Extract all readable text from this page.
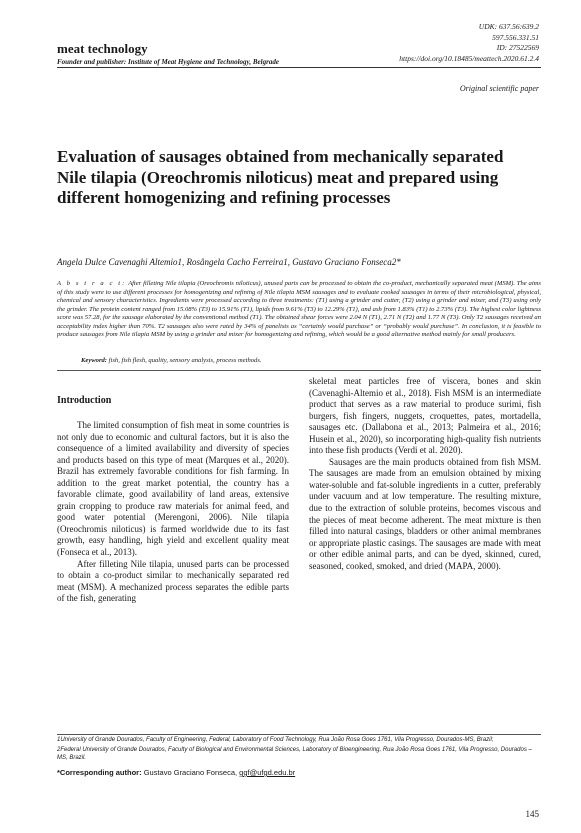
meat technology
Founder and publisher: Institute of Meat Hygiene and Technology, Belgrade
UDK: 637.56:639.2
597.556.331.51
ID: 27522569
https://doi.org/10.18485/meattech.2020.61.2.4
Original scientific paper
Evaluation of sausages obtained from mechanically separated Nile tilapia (Oreochromis niloticus) meat and prepared using different homogenizing and refining processes
Angela Dulce Cavenaghi Altemio1, Rosângela Cacho Ferreira1, Gustavo Graciano Fonseca2*
A b s t r a c t: After filleting Nile tilapia (Oreochromis niloticus), unused parts can be processed to obtain the co-product, mechanically separated meat (MSM). The aims of this study were to use different processes for homogenizing and refining of Nile tilapia MSM sausages and to evaluate cooked sausages in terms of their microbiological, physical, chemical and sensory characteristics. Ingredients were processed according to three treatments: (T1) using a grinder and cutter, (T2) using a grinder and mixer, and (T3) using only the grinder. The protein content ranged from 15.08% (T3) to 15.91% (T1), lipids from 9.61% (T3) to 12.29% (T1), and ash from 1.83% (T1) to 2.73% (T3). The highest color lightness score was 57.28, for the sausage elaborated by the conventional method (T1). The obtained shear forces were 2.04 N (T1), 2.71 N (T2) and 1.77 N (T3). Only T2 sausages received an acceptability index higher than 70%. T2 sausages also were rated by 34% of panelists as “certainly would purchase” or “probably would purchase”. In conclusion, it is feasible to produce sausages from Nile tilapia MSM by using a grinder and mixer for homogenizing and refining, which would be a good alternative method mainly for small producers.
Keyword: fish, fish flesh, quality, sensory analysis, process methods.
Introduction

The limited consumption of fish meat in some countries is not only due to economic and cultural factors, but it is also the consequence of a limited availability and diversity of species and products based on this type of meat (Marques et al., 2020). Brazil has extremely favorable conditions for fish farming. In addition to the great market potential, the country has a favorable climate, good availability of land areas, extensive grain cropping to produce raw materials for animal feed, and good water potential (Merengoni, 2006). Nile tilapia (Oreochromis niloticus) is farmed worldwide due to its fast growth, easy handling, high yield and excellent quality meat (Fonseca et al., 2013).

After filleting Nile tilapia, unused parts can be processed to obtain a co-product similar to mechanically separated red meat (MSM). A mechanized process separates the edible parts of the fish, generating

skeletal meat particles free of viscera, bones and skin (Cavenaghi-Altemio et al., 2018). Fish MSM is an intermediate product that serves as a raw material to produce surimi, fish burgers, fish fingers, nuggets, croquettes, pates, mortadella, sausages etc. (Dallabona et al., 2013; Palmeira et al., 2016; Husein et al., 2020), so incorporating high-quality fish nutrients into these fish products (Verdi et al. 2020).

Sausages are the main products obtained from fish MSM. The sausages are made from an emulsion obtained by mixing water-soluble and fat-soluble ingredients in a cutter, preferably under vacuum and at low temperature. The resulting mixture, due to the extraction of soluble proteins, becomes viscous and the pieces of meat become adherent. The meat mixture is then filled into natural casings, bladders or other animal membranes or appropriate plastic casings. The sausages are made with meat or other edible animal parts, and can be dyed, skinned, cured, seasoned, cooked, smoked, and dried (MAPA, 2000).

1University of Grande Dourados, Faculty of Engineering, Federal, Laboratory of Food Technology, Rua João Rosa Goes 1761, Vila Progresso, Dourados-MS, Brazil;

2Federal University of Grande Dourados, Faculty of Biological and Environmental Sciences, Laboratory of Bioengineering, Rua João Rosa Goes 1761, Vila Progresso, Dourados – MS, Brazil.

*Corresponding author: Gustavo Graciano Fonseca, ggf@ufgd.edu.br
145
